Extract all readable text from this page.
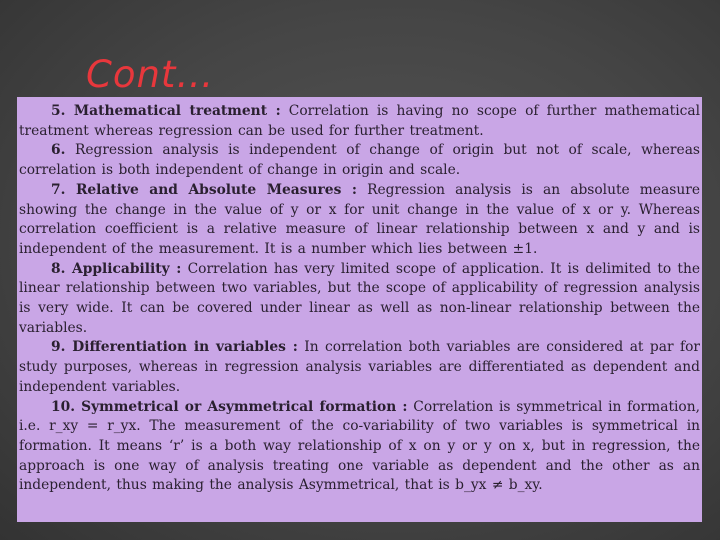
Cont…

5. Mathematical treatment : Correlation is having no scope of further mathematical treatment whereas regression can be used for further treatment.

6. Regression analysis is independent of change of origin but not of scale, whereas correlation is both independent of change in origin and scale.

7. Relative and Absolute Measures : Regression analysis is an absolute measure showing the change in the value of y or x for unit change in the value of x or y. Whereas correlation coefficient is a relative measure of linear relationship between x and y and is independent of the measurement. It is a number which lies between ±1.

8. Applicability : Correlation has very limited scope of application. It is delimited to the linear relationship between two variables, but the scope of applicability of regression analysis is very wide. It can be covered under linear as well as non-linear relationship between the variables.

9. Differentiation in variables : In correlation both variables are considered at par for study purposes, whereas in regression analysis variables are differentiated as dependent and independent variables.

10. Symmetrical or Asymmetrical formation : Correlation is symmetrical in formation, i.e. r_xy = r_yx. The measurement of the co-variability of two variables is symmetrical in formation. It means ‘r’ is a both way relationship of x on y or y on x, but in regression, the approach is one way of analysis treating one variable as dependent and the other as an independent, thus making the analysis Asymmetrical, that is b_yx ≠ b_xy.
